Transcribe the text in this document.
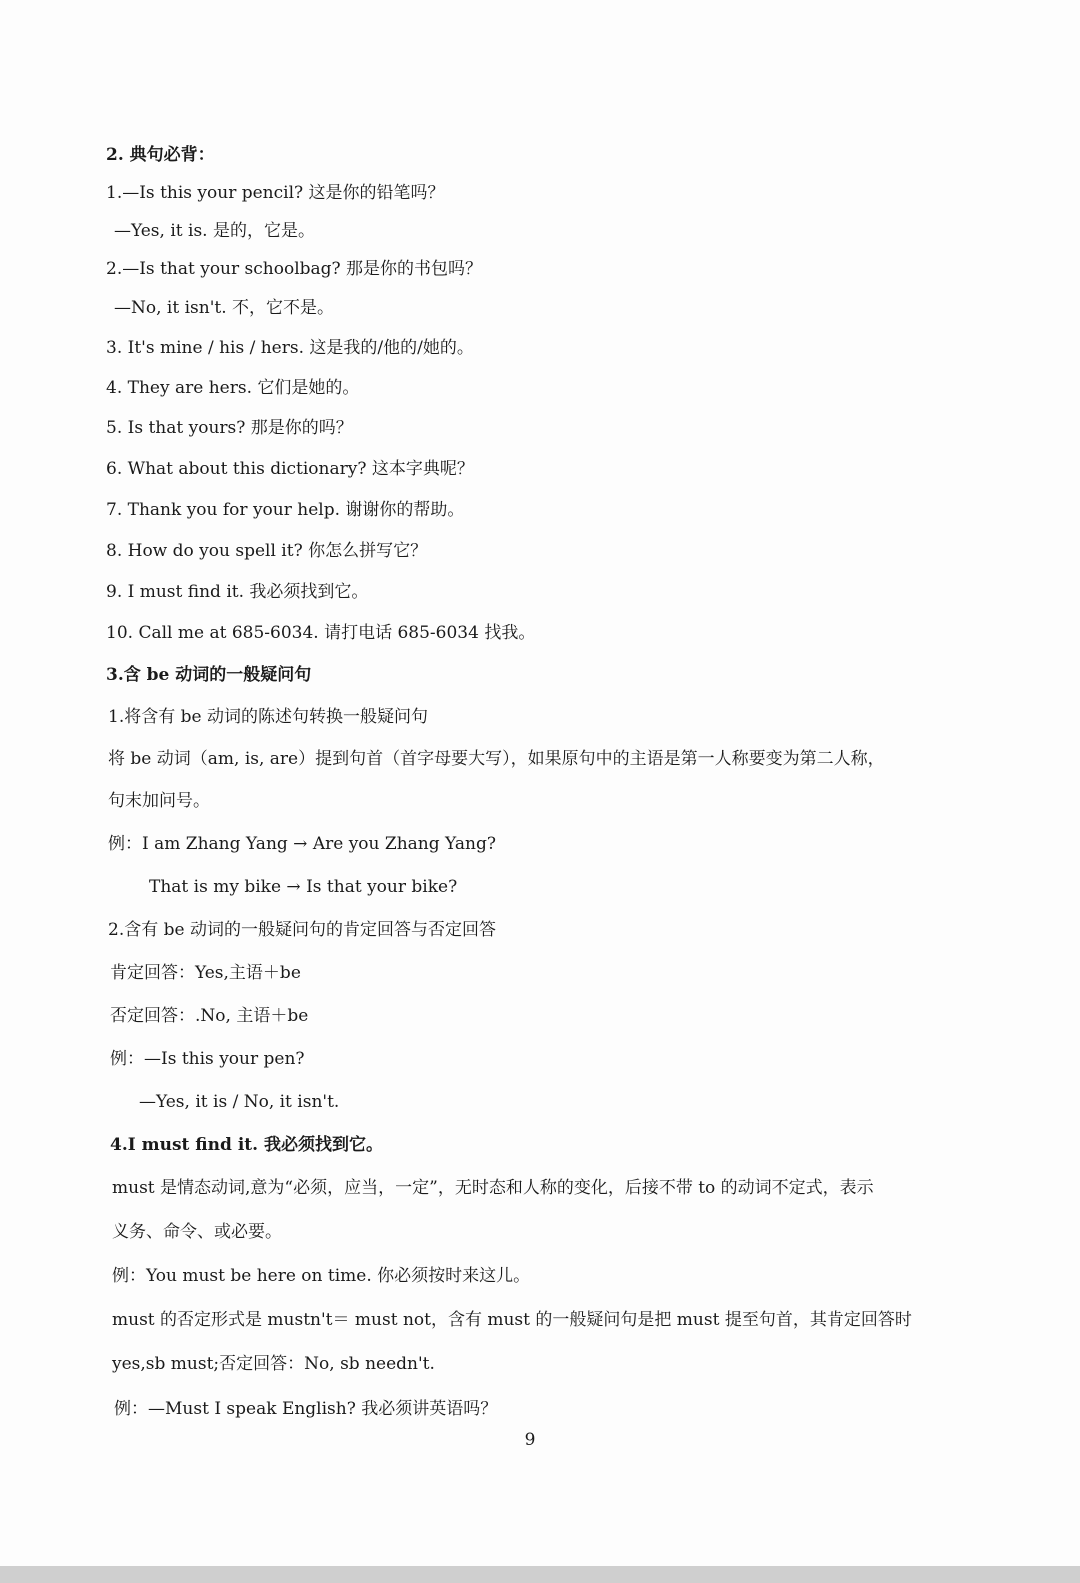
2. 典句必背：
1.—Is this your pencil? 这是你的铅笔吗？
—Yes, it is. 是的，它是。
2.—Is that your schoolbag? 那是你的书包吗？
—No, it isn't. 不，它不是。
3. It's mine / his / hers. 这是我的/他的/她的。
4. They are hers. 它们是她的。
5. Is that yours? 那是你的吗？
6. What about this dictionary? 这本字典呢？
7. Thank you for your help. 谢谢你的帮助。
8. How do you spell it? 你怎么拼写它？
9. I must find it. 我必须找到它。
10. Call me at 685-6034. 请打电话 685-6034 找我。
3.含 be 动词的一般疑问句
1.将含有 be 动词的陈述句转换一般疑问句
将 be 动词（am, is, are）提到句首（首字母要大写），如果原句中的主语是第一人称要变为第二人称，
句末加问号。
例：I am Zhang Yang → Are you Zhang Yang?
That is my bike → Is that your bike?
2.含有 be 动词的一般疑问句的肯定回答与否定回答
肯定回答：Yes,主语＋be
否定回答：.No, 主语＋be
例：—Is this your pen?
—Yes, it is / No, it isn't.
4.I must find it. 我必须找到它。
must 是情态动词,意为“必须，应当，一定”，无时态和人称的变化，后接不带 to 的动词不定式，表示
义务、命令、或必要。
例：You must be here on time. 你必须按时来这儿。
must 的否定形式是 mustn't＝ must not，含有 must 的一般疑问句是把 must 提至句首，其肯定回答时
yes,sb must;否定回答：No, sb needn't.
例：—Must I speak English? 我必须讲英语吗？
9
